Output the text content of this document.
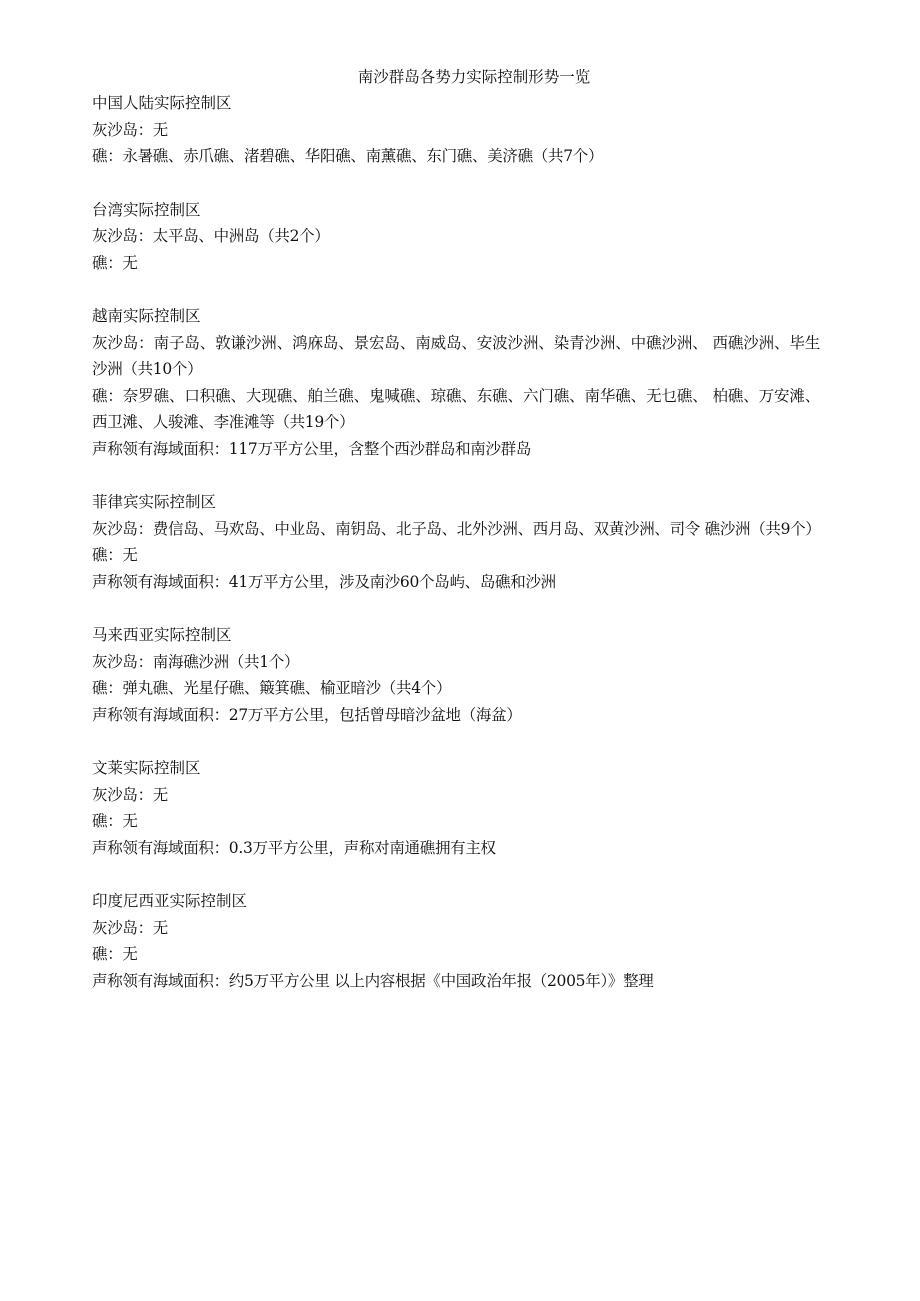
南沙群岛各势力实际控制形势一览
中国人陆实际控制区

灰沙岛：无

礁：永暑礁、赤爪礁、渚碧礁、华阳礁、南薰礁、东门礁、美济礁（共7个）

台湾实际控制区

灰沙岛：太平岛、中洲岛（共2个）

礁：无

越南实际控制区

灰沙岛：南子岛、敦谦沙洲、鸿庥岛、景宏岛、南威岛、安波沙洲、染青沙洲、中礁沙洲、 西礁沙洲、毕生沙洲（共10个）

礁：奈罗礁、口积礁、大现礁、舶兰礁、鬼喊礁、琼礁、东礁、六门礁、南华礁、无乜礁、 柏礁、万安滩、西卫滩、人骏滩、李准滩等（共19个）

声称领有海域面积：117万平方公里，含整个西沙群岛和南沙群岛

菲律宾实际控制区

灰沙岛：费信岛、马欢岛、中业岛、南钥岛、北子岛、北外沙洲、西月岛、双黄沙洲、司令 礁沙洲（共9个）

礁：无

声称领有海域面积：41万平方公里，涉及南沙60个岛屿、岛礁和沙洲

马来西亚实际控制区

灰沙岛：南海礁沙洲（共1个）

礁：弹丸礁、光星仔礁、簸箕礁、榆亚暗沙（共4个）

声称领有海域面积：27万平方公里，包括曾母暗沙盆地（海盆）

文莱实际控制区

灰沙岛：无

礁：无

声称领有海域面积：0.3万平方公里，声称对南通礁拥有主权

印度尼西亚实际控制区

灰沙岛：无

礁：无

声称领有海域面积：约5万平方公里 以上内容根据《中国政治年报（2005年）》整理
